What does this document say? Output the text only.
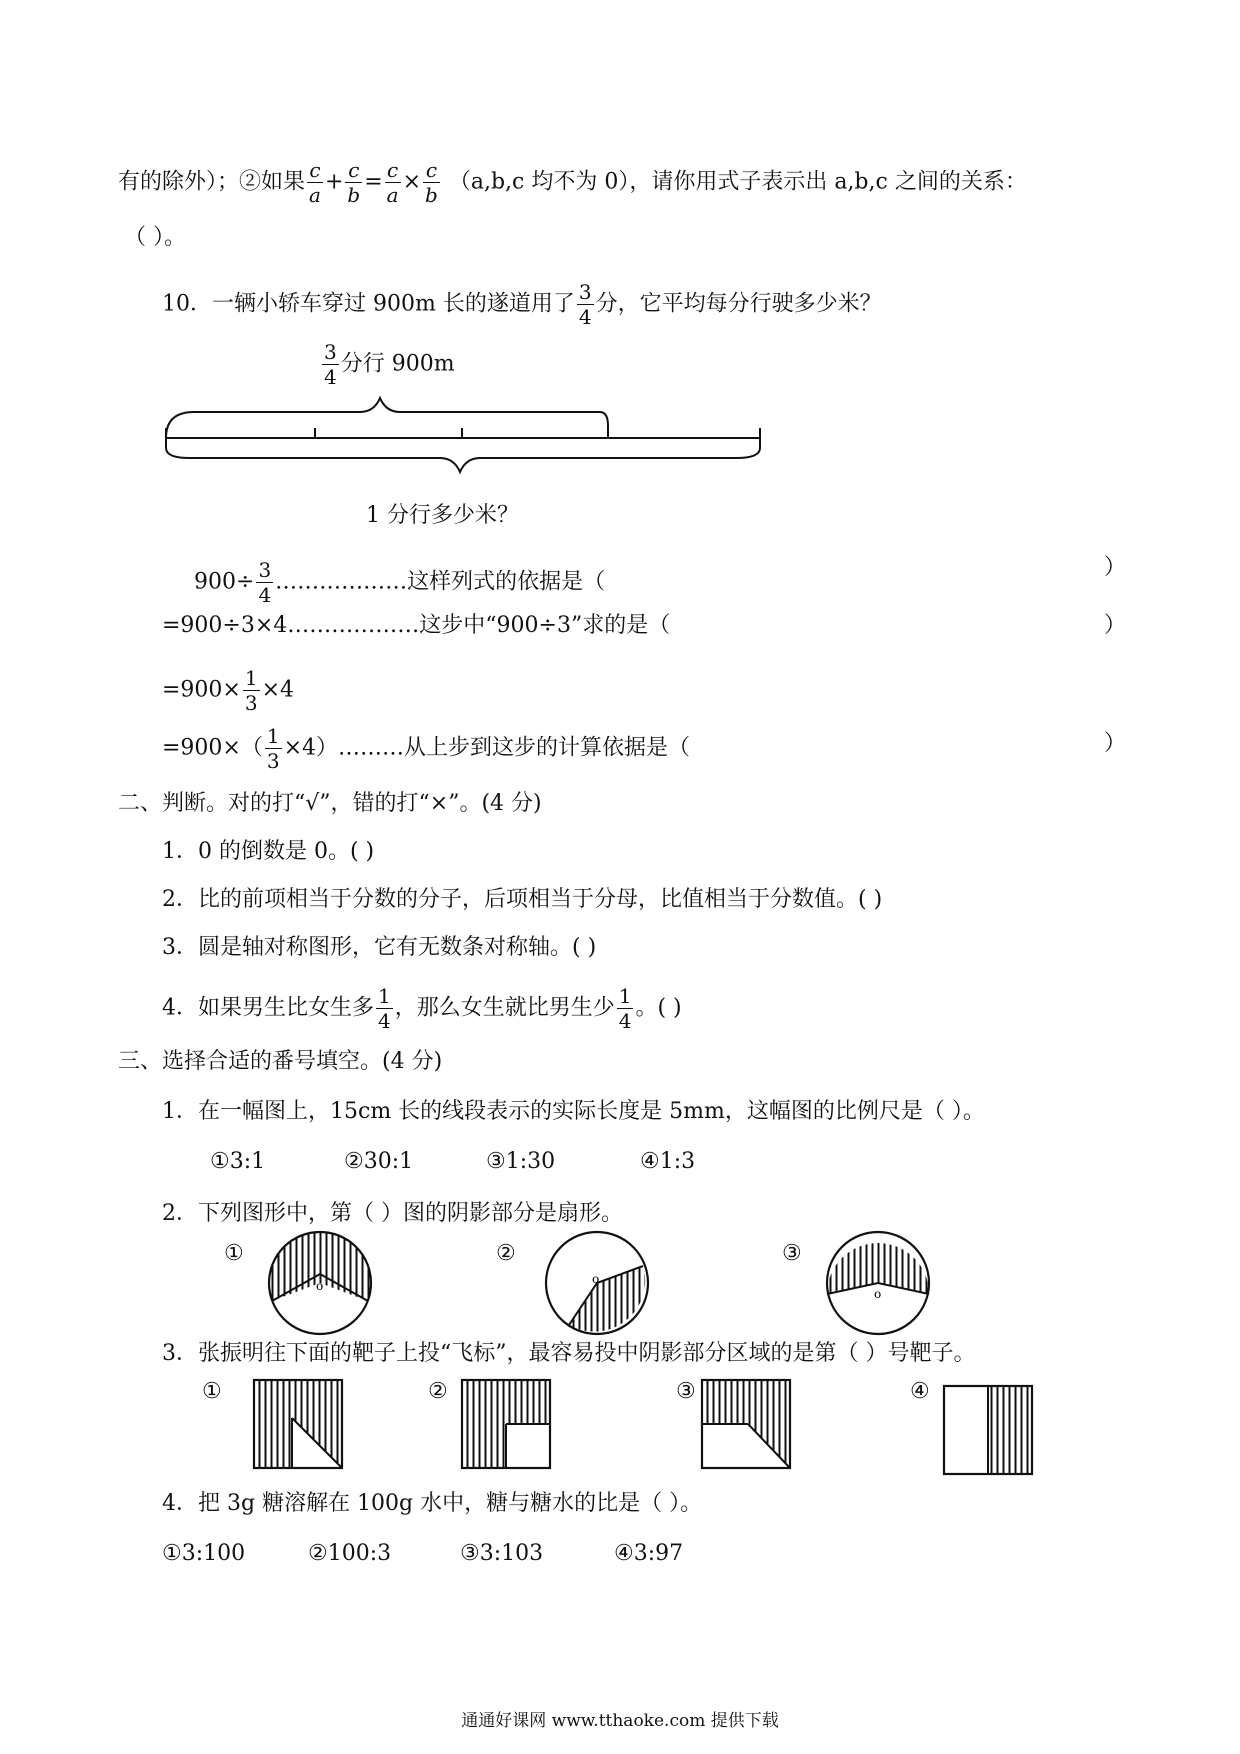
有的除外）；②如果 $\frac{c}{a} + \frac{c}{b} = \frac{c}{a} \times \frac{c}{b} (a,b,c$ 均不为 0），请你用式子表示出 a,b,c 之间的关系：
（ ）。
10．一辆小轿车穿过 900m 长的遂道用了 $\frac{3}{4}$ 分，它平均每分行驶多少米？
$\frac{3}{4}$ 分行 900m
1 分行多少米？
$900\div \frac{3}{4}$ ………………这样列式的依据是（
）
=900÷3×4………………这步中“900÷3”求的是（	）
$=900\times \frac{1}{3} \times 4$
$=900\times( \frac{1}{3}$ ×4）………从上步到这步的计算依据是（	）
二、判断。对的打“√”，错的打“×”。(4 分)
1．0 的倒数是 0。( )
2．比的前项相当于分数的分子，后项相当于分母，比值相当于分数值。( )
3．圆是轴对称图形，它有无数条对称轴。( )
4．如果男生比女生多 $\frac{1}{4}$ ，那么女生就比男生少 $\frac{1}{4}$ 。( )
三、选择合适的番号填空。(4 分)
1．在一幅图上，15cm 长的线段表示的实际长度是 5mm，这幅图的比例尺是（ ）。
①3:1	②30:1	③1:30	④1:3
2．下列图形中，第（ ）图的阴影部分是扇形。
①
o
②
o
③
o
3．张振明往下面的靶子上投“飞标”，最容易投中阴影部分区域的是第（ ）号靶子。
①	②	③	④
4．把 3g 糖溶解在 100g 水中，糖与糖水的比是（ ）。
①3:100	②100:3	③3:103	④3:97
通通好课网 www.tthaoke.com 提供下载
